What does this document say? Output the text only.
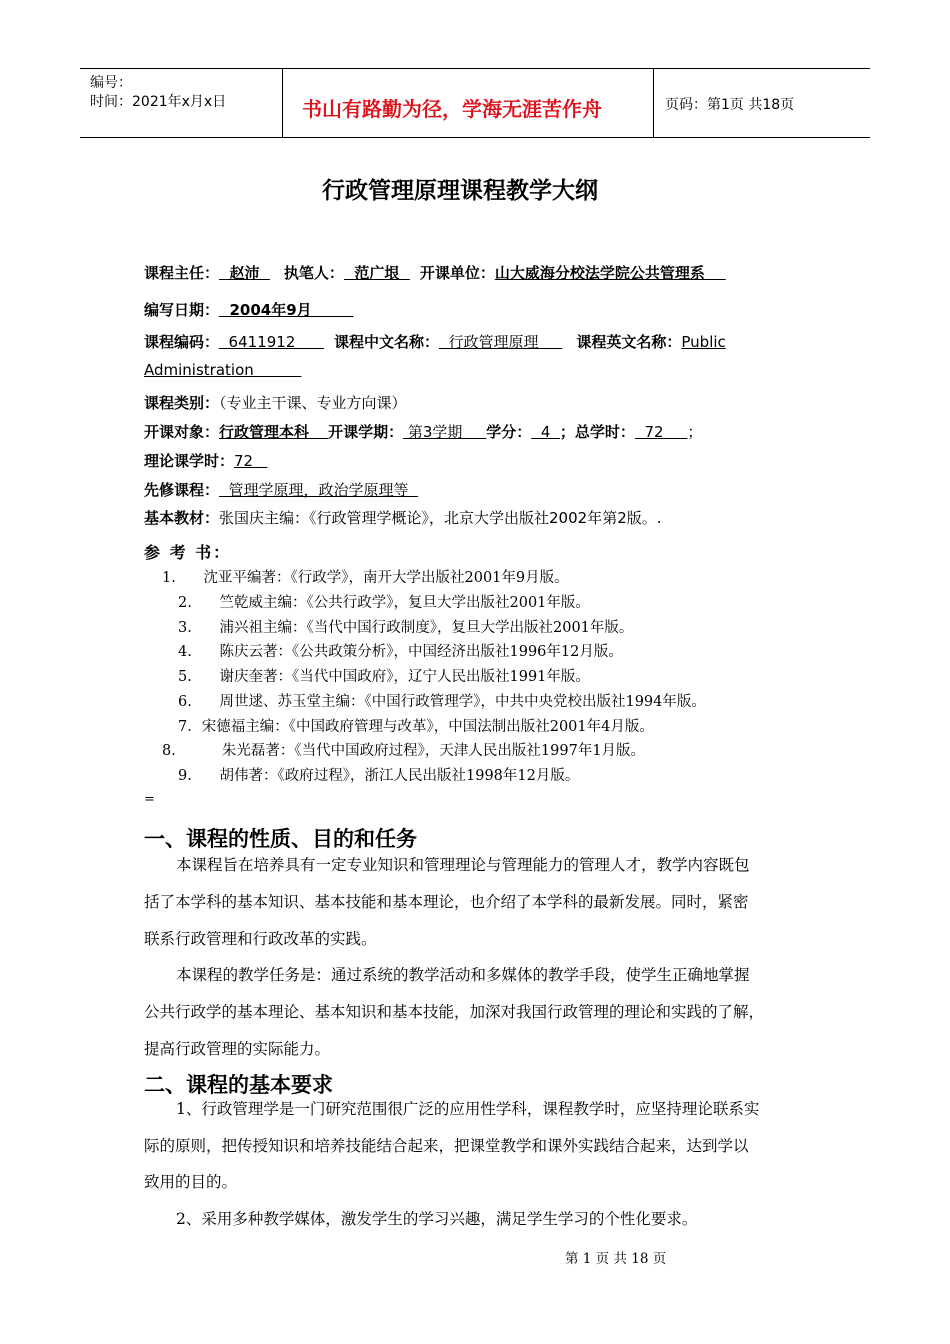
编号：
时间：2021年x月x日	书山有路勤为径，学海无涯苦作舟	页码：第1页 共18页
行政管理原理课程教学大纲
课程主任：  赵沛  执笔人：  范广垠  开课单位：山大威海分校法学院公共管理系
编写日期：  2004年9月
课程编码：  6411912      课程中文名称：  行政管理原理     课程英文名称：Public
Administration
课程类别：（专业主干课、专业方向课）
开课对象：行政管理本科 开课学期： 第3学期     学分：  4  ；总学时：  72     ；
理论课学时：72
先修课程：  管理学原理，政治学原理等
基本教材：张国庆主编：《行政管理学概论》，北京大学出版社2002年第2版。.
参 考 书：
1.      沈亚平编著：《行政学》，南开大学出版社2001年9月版。
2.      竺乾威主编：《公共行政学》，复旦大学出版社2001年版。
3.      浦兴祖主编：《当代中国行政制度》，复旦大学出版社2001年版。
4.      陈庆云著：《公共政策分析》，中国经济出版社1996年12月版。
5.      谢庆奎著：《当代中国政府》，辽宁人民出版社1991年版。
6.      周世逑、苏玉堂主编：《中国行政管理学》，中共中央党校出版社1994年版。
7．宋德福主编：《中国政府管理与改革》，中国法制出版社2001年4月版。
8.          朱光磊著：《当代中国政府过程》，天津人民出版社1997年1月版。
9.      胡伟著：《政府过程》，浙江人民出版社1998年12月版。
=
一、课程的性质、目的和任务
本课程旨在培养具有一定专业知识和管理理论与管理能力的管理人才，教学内容既包
括了本学科的基本知识、基本技能和基本理论，也介绍了本学科的最新发展。同时，紧密
联系行政管理和行政改革的实践。
本课程的教学任务是：通过系统的教学活动和多媒体的教学手段，使学生正确地掌握
公共行政学的基本理论、基本知识和基本技能，加深对我国行政管理的理论和实践的了解，
提高行政管理的实际能力。
二、课程的基本要求
1、行政管理学是一门研究范围很广泛的应用性学科，课程教学时，应坚持理论联系实
际的原则，把传授知识和培养技能结合起来，把课堂教学和课外实践结合起来，达到学以
致用的目的。
2、采用多种教学媒体，激发学生的学习兴趣，满足学生学习的个性化要求。
第 1 页 共 18 页
